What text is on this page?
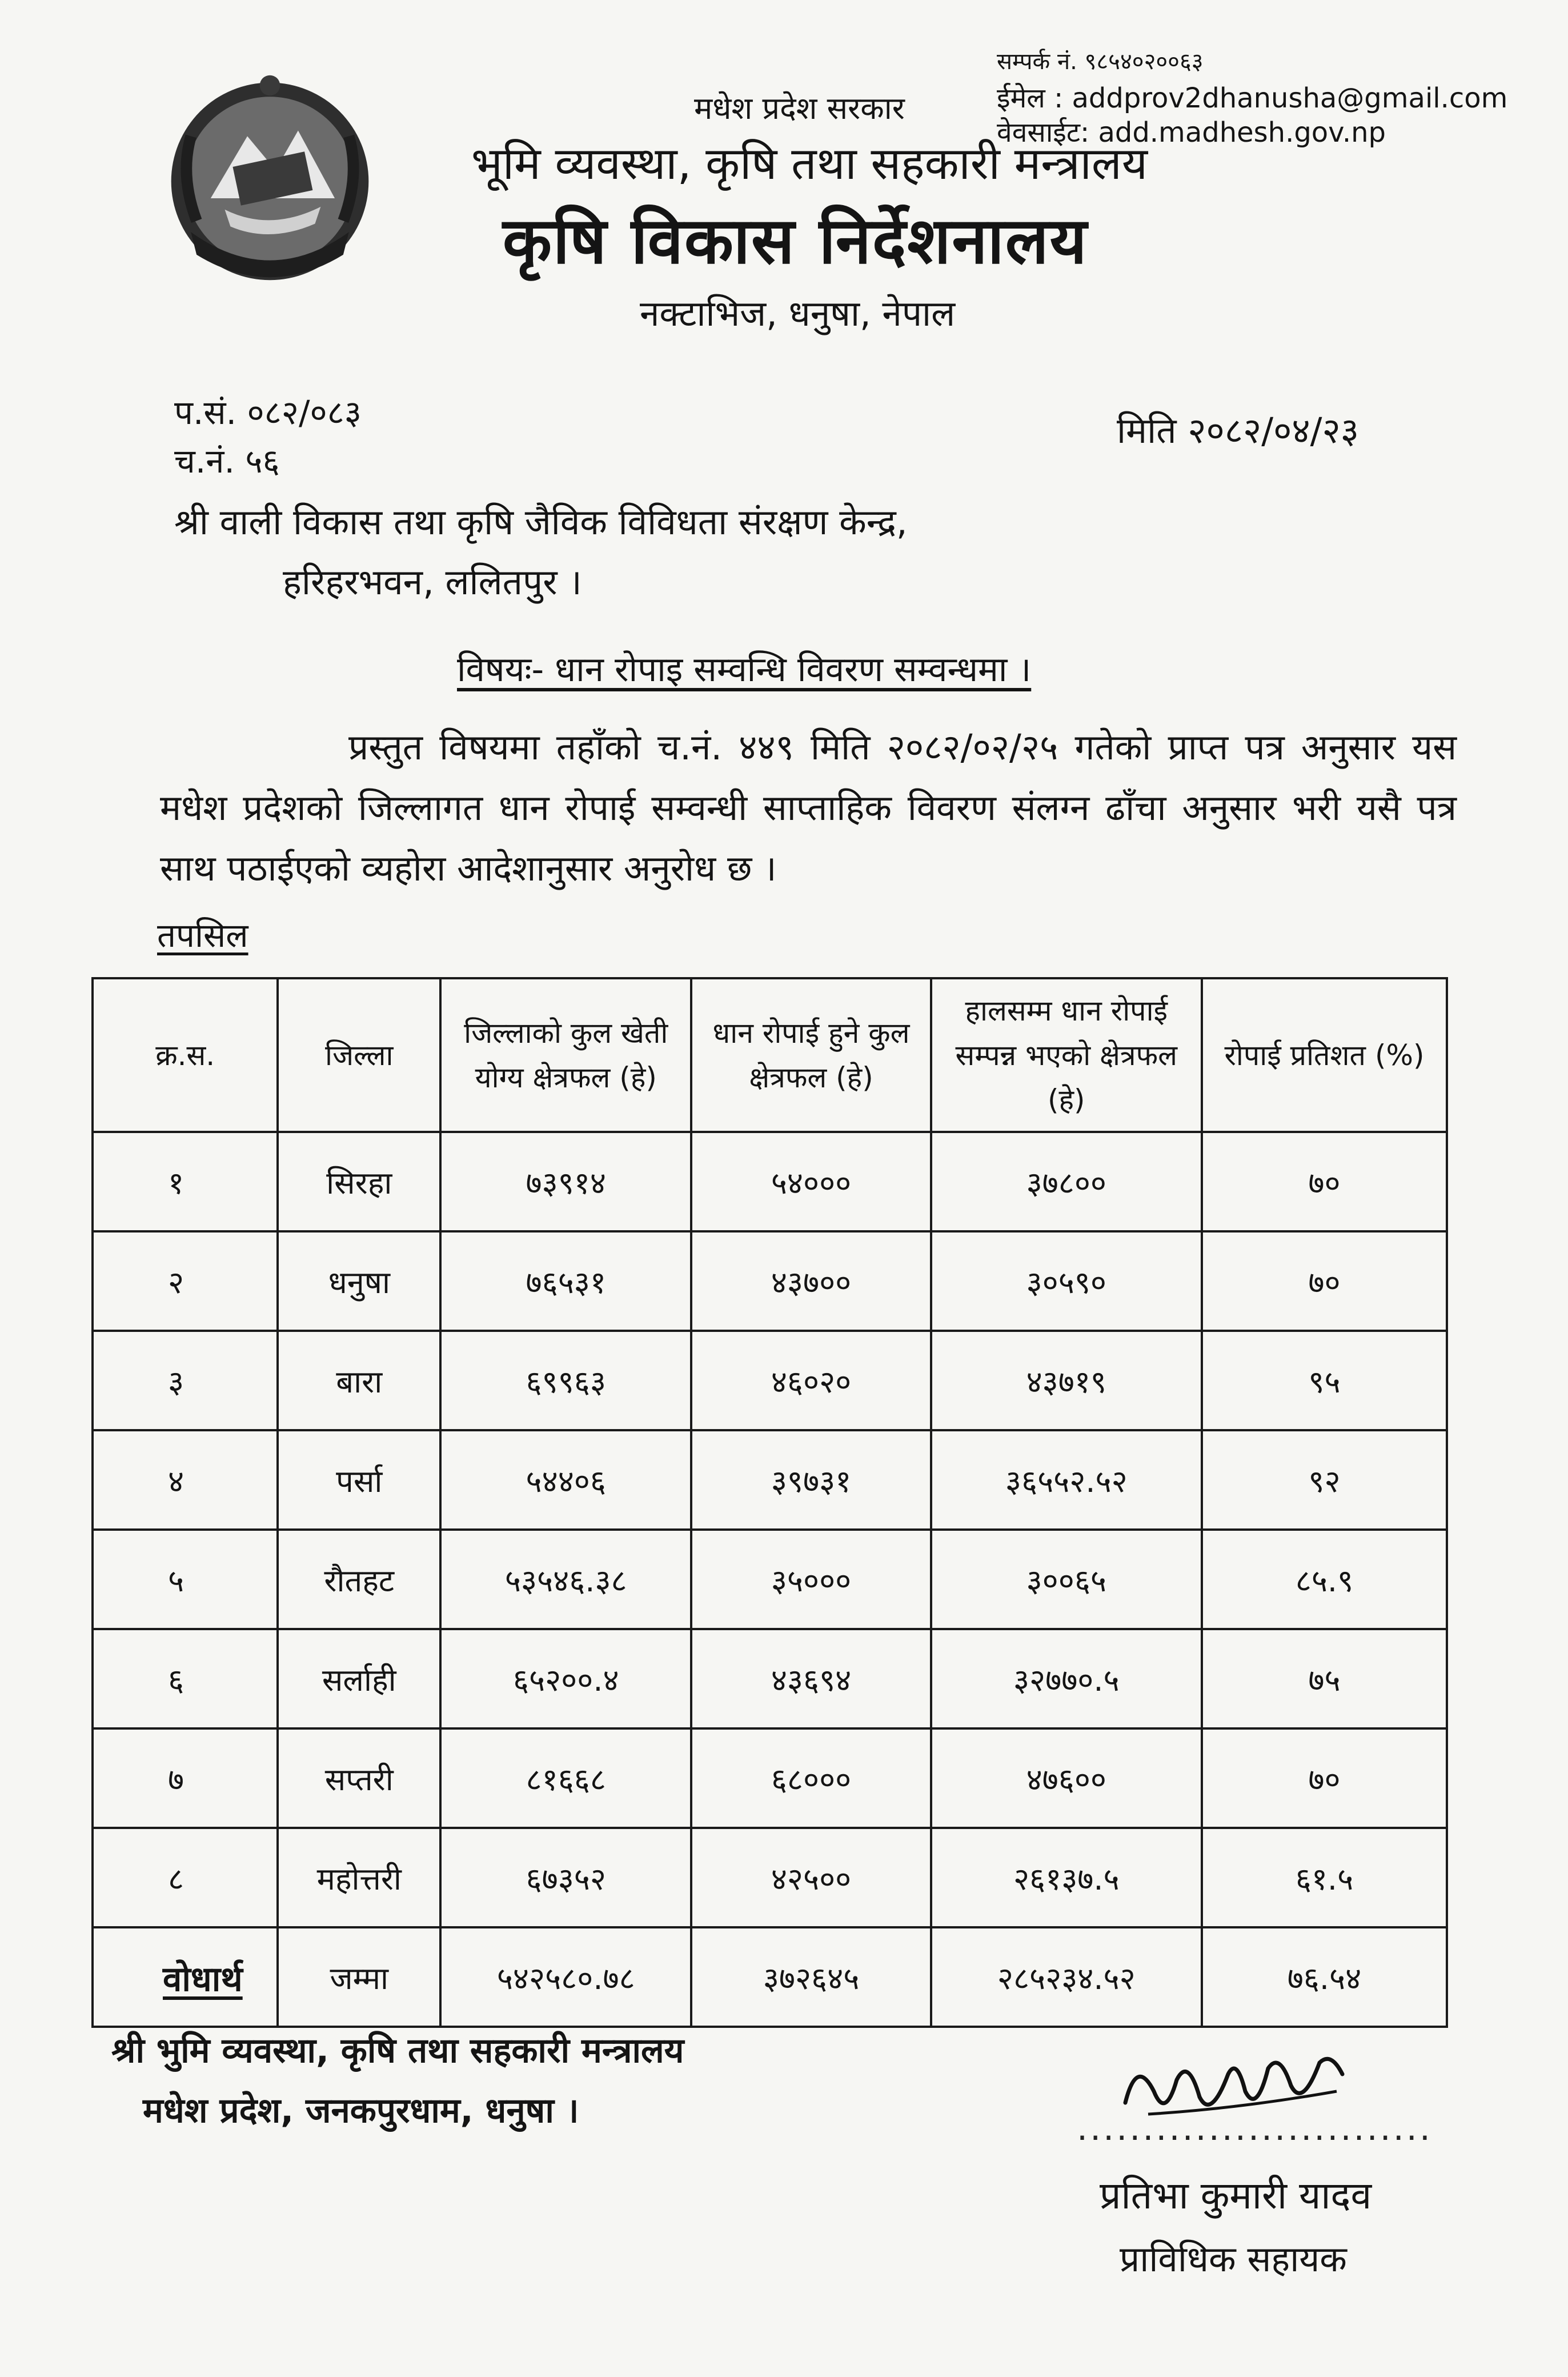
मधेश प्रदेश सरकार
भूमि व्यवस्था, कृषि तथा सहकारी मन्त्रालय
कृषि विकास निर्देशनालय
नक्टाभिज, धनुषा, नेपाल
सम्पर्क नं. ९८५४०२००६३
ईमेल : addprov2dhanusha@gmail.com
वेवसाईट: add.madhesh.gov.np
प.सं. ०८२/०८३
च.नं. ५६
मिति २०८२/०४/२३
श्री वाली विकास तथा कृषि जैविक विविधता संरक्षण केन्द्र,
हरिहरभवन, ललितपुर ।
विषयः- धान रोपाइ सम्वन्धि विवरण सम्वन्धमा ।
प्रस्तुत विषयमा तहाँको च.नं. ४४९ मिति २०८२/०२/२५ गतेको प्राप्त पत्र अनुसार यस मधेश प्रदेशको जिल्लागत धान रोपाई सम्वन्धी साप्ताहिक विवरण संलग्न ढाँचा अनुसार भरी यसै पत्र साथ पठाईएको व्यहोरा आदेशानुसार अनुरोध छ ।
तपसिल
क्र.स.	जिल्ला	जिल्लाको कुल खेती योग्य क्षेत्रफल (हे)	धान रोपाई हुने कुल क्षेत्रफल (हे)	हालसम्म धान रोपाई सम्पन्न भएको क्षेत्रफल (हे)	रोपाई प्रतिशत (%)
१	सिरहा	७३९१४	५४०००	३७८००	७०
२	धनुषा	७६५३१	४३७००	३०५९०	७०
३	बारा	६९९६३	४६०२०	४३७१९	९५
४	पर्सा	५४४०६	३९७३१	३६५५२.५२	९२
५	रौतहट	५३५४६.३८	३५०००	३००६५	८५.९
६	सर्लाही	६५२००.४	४३६९४	३२७७०.५	७५
७	सप्तरी	८१६६८	६८०००	४७६००	७०
८	महोत्तरी	६७३५२	४२५००	२६१३७.५	६१.५
	जम्मा	५४२५८०.७८	३७२६४५	२८५२३४.५२	७६.५४
वोधार्थ
श्री भुमि व्यवस्था, कृषि तथा सहकारी मन्त्रालय
मधेश प्रदेश, जनकपुरधाम, धनुषा ।	...........................
प्रतिभा कुमारी यादव
प्राविधिक सहायक
